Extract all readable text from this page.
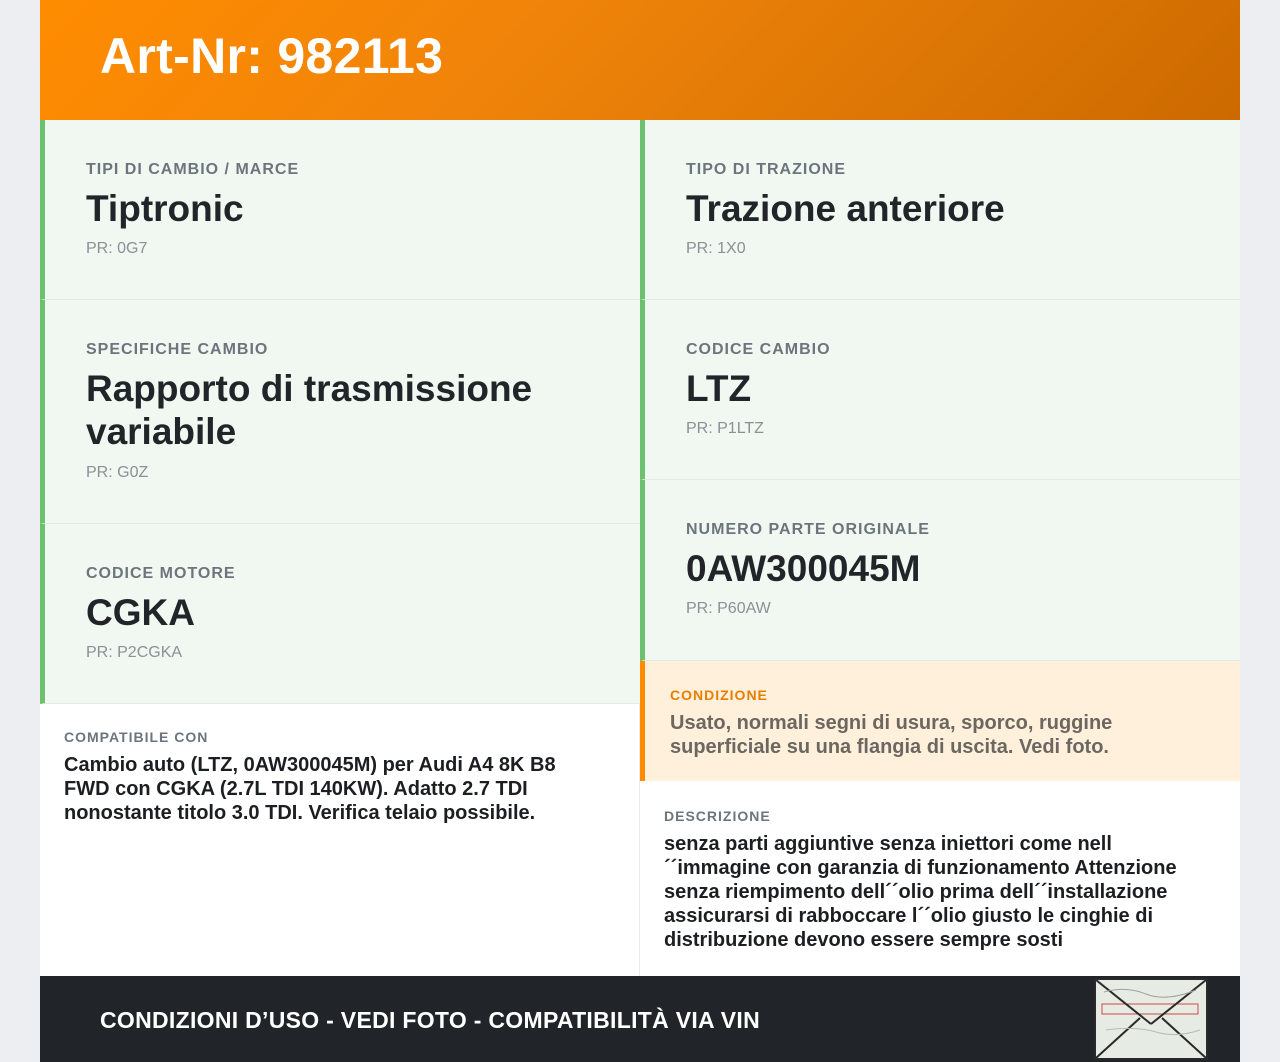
Art-Nr: 982113
TIPI DI CAMBIO / MARCE
Tiptronic
PR: 0G7
SPECIFICHE CAMBIO
Rapporto di trasmissione variabile
PR: G0Z
CODICE MOTORE
CGKA
PR: P2CGKA
TIPO DI TRAZIONE
Trazione anteriore
PR: 1X0
CODICE CAMBIO
LTZ
PR: P1LTZ
NUMERO PARTE ORIGINALE
0AW300045M
PR: P60AW
COMPATIBILE CON
Cambio auto (LTZ, 0AW300045M) per Audi A4 8K B8 FWD con CGKA (2.7L TDI 140KW). Adatto 2.7 TDI nonostante titolo 3.0 TDI. Verifica telaio possibile.
CONDIZIONE
Usato, normali segni di usura, sporco, ruggine superficiale su una flangia di uscita. Vedi foto.
DESCRIZIONE
senza parti aggiuntive senza iniettori come nell ´´immagine con garanzia di funzionamento Attenzione senza riempimento dell´´olio prima dell´´installazione assicurarsi di rabboccare l´´olio giusto le cinghie di distribuzione devono essere sempre sosti
CONDIZIONI D’USO - VEDI FOTO - COMPATIBILITÀ VIA VIN
